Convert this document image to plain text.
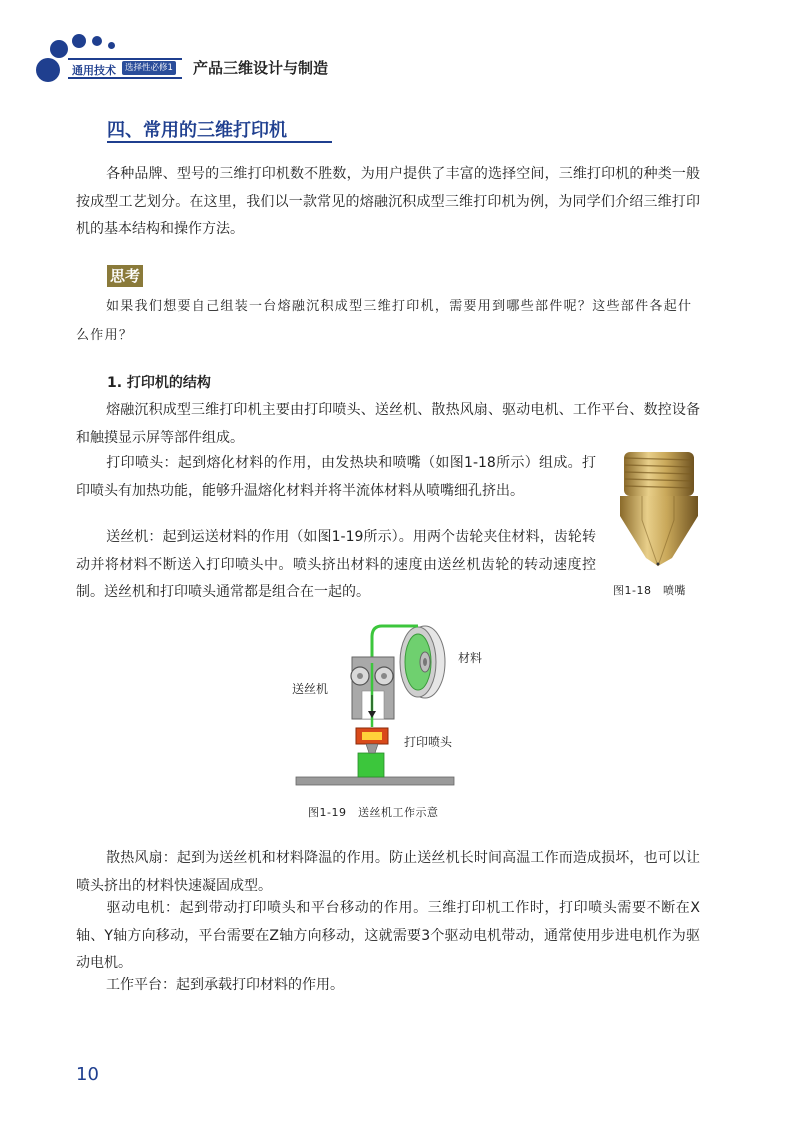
通用技术	选择性必修1 产品三维设计与制造
四、常用的三维打印机
各种品牌、型号的三维打印机数不胜数，为用户提供了丰富的选择空间，三维打印机的种类一般按成型工艺划分。在这里，我们以一款常见的熔融沉积成型三维打印机为例，为同学们介绍三维打印机的基本结构和操作方法。
思考
如果我们想要自己组装一台熔融沉积成型三维打印机，需要用到哪些部件呢？这些部件各起什么作用？
1. 打印机的结构
熔融沉积成型三维打印机主要由打印喷头、送丝机、散热风扇、驱动电机、工作平台、数控设备和触摸显示屏等部件组成。
打印喷头：起到熔化材料的作用，由发热块和喷嘴（如图1-18所示）组成。打印喷头有加热功能，能够升温熔化材料并将半流体材料从喷嘴细孔挤出。
送丝机：起到运送材料的作用（如图1-19所示）。用两个齿轮夹住材料，齿轮转动并将材料不断送入打印喷头中。喷头挤出材料的速度由送丝机齿轮的转动速度控制。送丝机和打印喷头通常都是组合在一起的。	图1-18　喷嘴
送丝机
材料
打印喷头
图1-19　送丝机工作示意
散热风扇：起到为送丝机和材料降温的作用。防止送丝机长时间高温工作而造成损坏，也可以让喷头挤出的材料快速凝固成型。
驱动电机：起到带动打印喷头和平台移动的作用。三维打印机工作时，打印喷头需要不断在X轴、Y轴方向移动，平台需要在Z轴方向移动，这就需要3个驱动电机带动，通常使用步进电机作为驱动电机。
工作平台：起到承载打印材料的作用。
10
